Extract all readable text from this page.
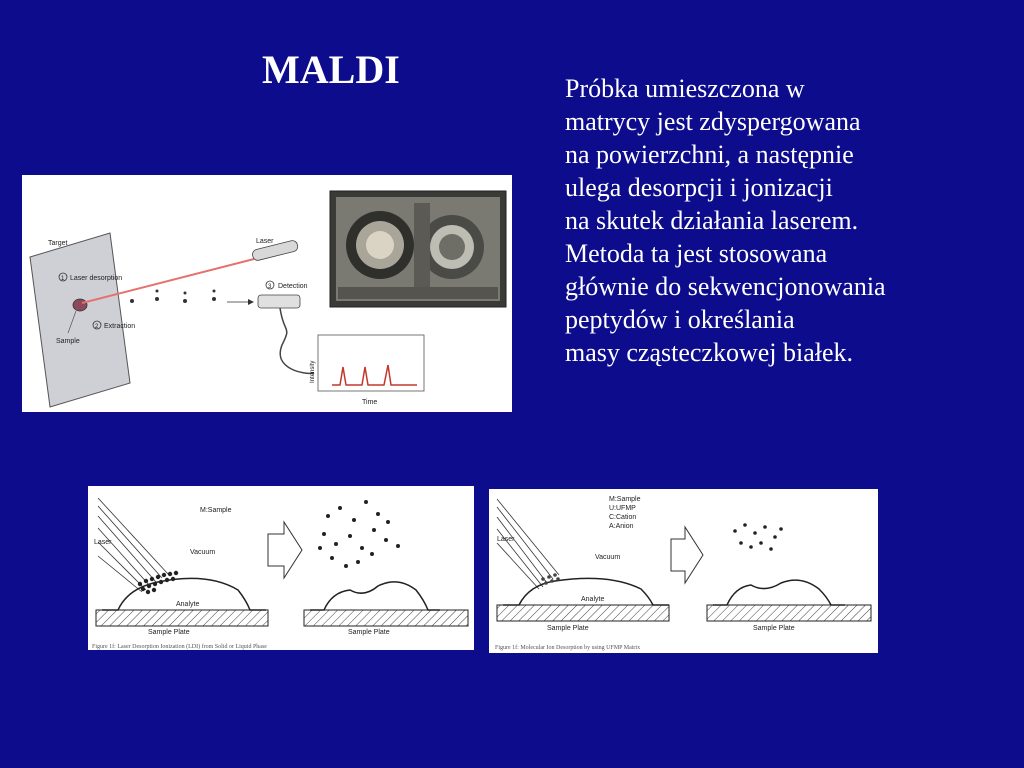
MALDI	Próbka umieszczona w
matrycy jest zdyspergowana
na powierzchni, a następnie
ulega desorpcji i jonizacji
na skutek działania laserem.
Metoda ta jest stosowana
głównie do sekwencjonowania
peptydów i określania
masy cząsteczkowej białek.
Target
Sample
1 Laser desorption
2 Extraction
Laser
3 Detection
Intensity
Time
Laser
M:Sample
Vacuum
Analyte
Sample Plate	Sample Plate
Figure 1f: Laser Desorption Ionization (LDI) from Solid or Liquid Phase
Laser
M:Sample
U:UFMP
C:Cation
A:Anion
Vacuum
Analyte
Sample Plate	Sample Plate
Figure 1f: Molecular Ion Desorption by using UFMP Matrix
